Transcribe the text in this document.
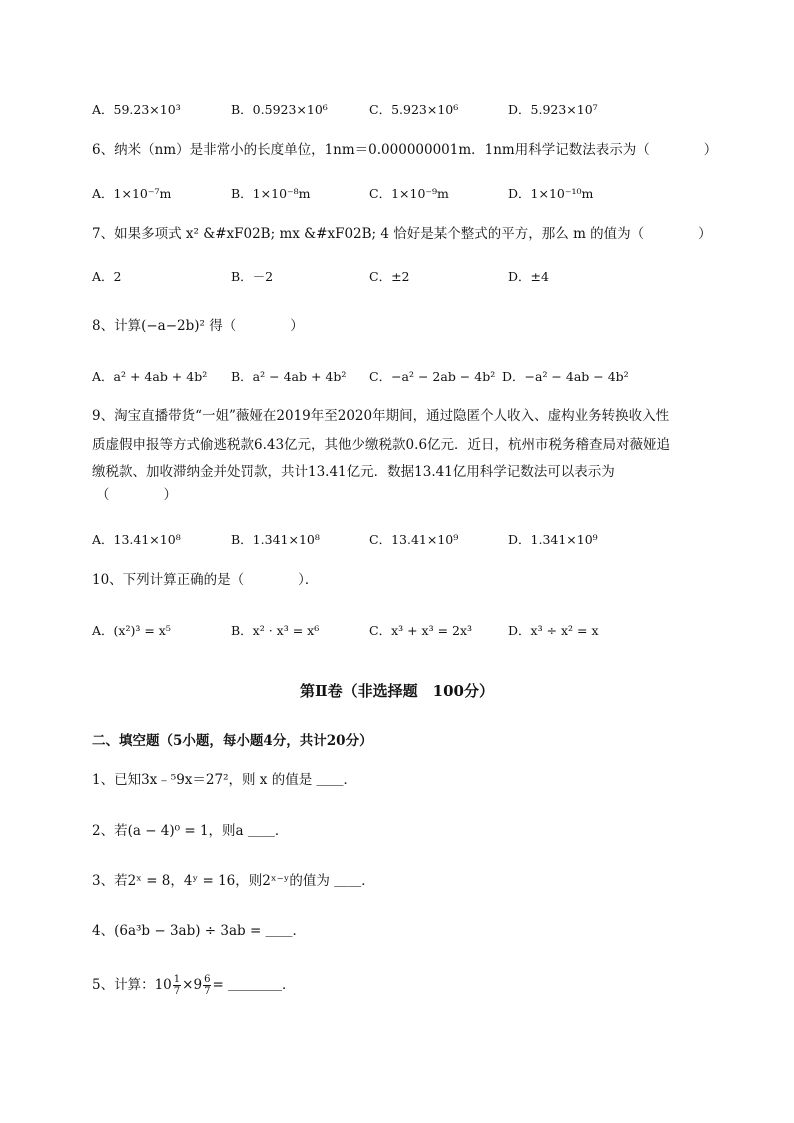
A．59.23×10³	B．0.5923×10⁶	C．5.923×10⁶	D．5.923×10⁷
6、纳米（nm）是非常小的长度单位，1nm＝0.000000001m．1nm用科学记数法表示为（　　　　）
A．1×10⁻⁷m	B．1×10⁻⁸m	C．1×10⁻⁹m	D．1×10⁻¹⁰m
7、如果多项式 x² &#xF02B; mx &#xF02B; 4 恰好是某个整式的平方，那么 m 的值为（　　　　）
A．2	B．－2	C．±2	D．±4
8、计算(−a−2b)² 得（　　　　）
A．a² + 4ab + 4b² B．a² − 4ab + 4b² C．−a² − 2ab − 4b² D．−a² − 4ab − 4b²
9、淘宝直播带货“一姐”薇娅在2019年至2020年期间，通过隐匿个人收入、虚构业务转换收入性
质虚假申报等方式偷逃税款6.43亿元，其他少缴税款0.6亿元．近日，杭州市税务稽查局对薇娅追
缴税款、加收滞纳金并处罚款，共计13.41亿元．数据13.41亿用科学记数法可以表示为
（　　　　）
A．13.41×10⁸	B．1.341×10⁸	C．13.41×10⁹	D．1.341×10⁹
10、下列计算正确的是（　　　　）．
A．(x²)³ = x⁵	B．x² · x³ = x⁶	C．x³ + x³ = 2x³	D．x³ ÷ x² = x
第Ⅱ卷（非选择题　100分）
二、填空题（5小题，每小题4分，共计20分）
1、已知3x﹣⁵9x＝27²，则 x 的值是 ＿＿．
2、若(a − 4)⁰ = 1，则a ＿＿．
3、若2ˣ = 8，4ʸ = 16，则2ˣ⁻ʸ的值为 ＿＿．
4、(6a³b − 3ab) ÷ 3ab = ＿＿．
5、计算：$10 \frac{1}{7} \times 9 \frac{6}{7}$ = ＿＿＿＿．
